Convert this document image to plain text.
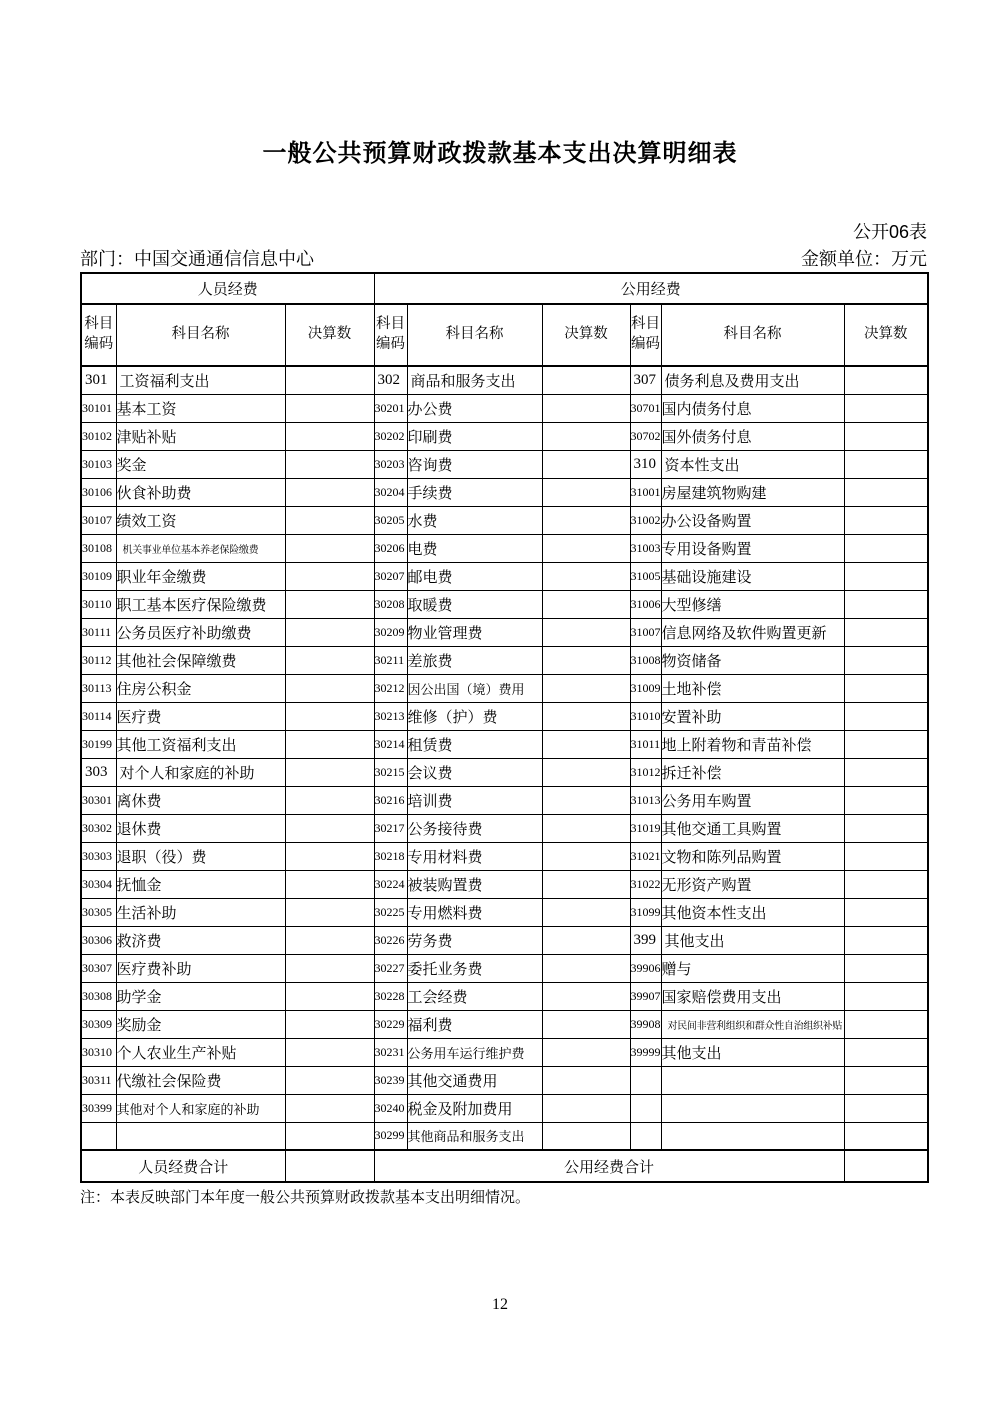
一般公共预算财政拨款基本支出决算明细表
公开06表
部门：中国交通通信信息中心	金额单位：万元
人员经费			公用经费					
科目编码	科目名称	决算数	科目编码	科目名称	决算数	科目编码	科目名称	决算数
301	工资福利支出		302	商品和服务支出		307	债务利息及费用支出	
30101	基本工资		30201	办公费		30701	国内债务付息	
30102	津贴补贴		30202	印刷费		30702	国外债务付息	
30103	奖金		30203	咨询费		310	资本性支出	
30106	伙食补助费		30204	手续费		31001	房屋建筑物购建	
30107	绩效工资		30205	水费		31002	办公设备购置	
30108	机关事业单位基本养老保险缴费		30206	电费		31003	专用设备购置	
30109	职业年金缴费		30207	邮电费		31005	基础设施建设	
30110	职工基本医疗保险缴费		30208	取暖费		31006	大型修缮	
30111	公务员医疗补助缴费		30209	物业管理费		31007	信息网络及软件购置更新	
30112	其他社会保障缴费		30211	差旅费		31008	物资储备	
30113	住房公积金		30212	因公出国（境）费用		31009	土地补偿	
30114	医疗费		30213	维修（护）费		31010	安置补助	
30199	其他工资福利支出		30214	租赁费		31011	地上附着物和青苗补偿	
303	对个人和家庭的补助		30215	会议费		31012	拆迁补偿	
30301	离休费		30216	培训费		31013	公务用车购置	
30302	退休费		30217	公务接待费		31019	其他交通工具购置	
30303	退职（役）费		30218	专用材料费		31021	文物和陈列品购置	
30304	抚恤金		30224	被装购置费		31022	无形资产购置	
30305	生活补助		30225	专用燃料费		31099	其他资本性支出	
30306	救济费		30226	劳务费		399	其他支出	
30307	医疗费补助		30227	委托业务费		39906	赠与	
30308	助学金		30228	工会经费		39907	国家赔偿费用支出	
30309	奖励金		30229	福利费		39908	对民间非营利组织和群众性自治组织补贴	
30310	个人农业生产补贴		30231	公务用车运行维护费		39999	其他支出	
30311	代缴社会保险费		30239	其他交通费用				
30399	其他对个人和家庭的补助		30240	税金及附加费用				
			30299	其他商品和服务支出				
人员经费合计			公用经费合计					
注：本表反映部门本年度一般公共预算财政拨款基本支出明细情况。
12
